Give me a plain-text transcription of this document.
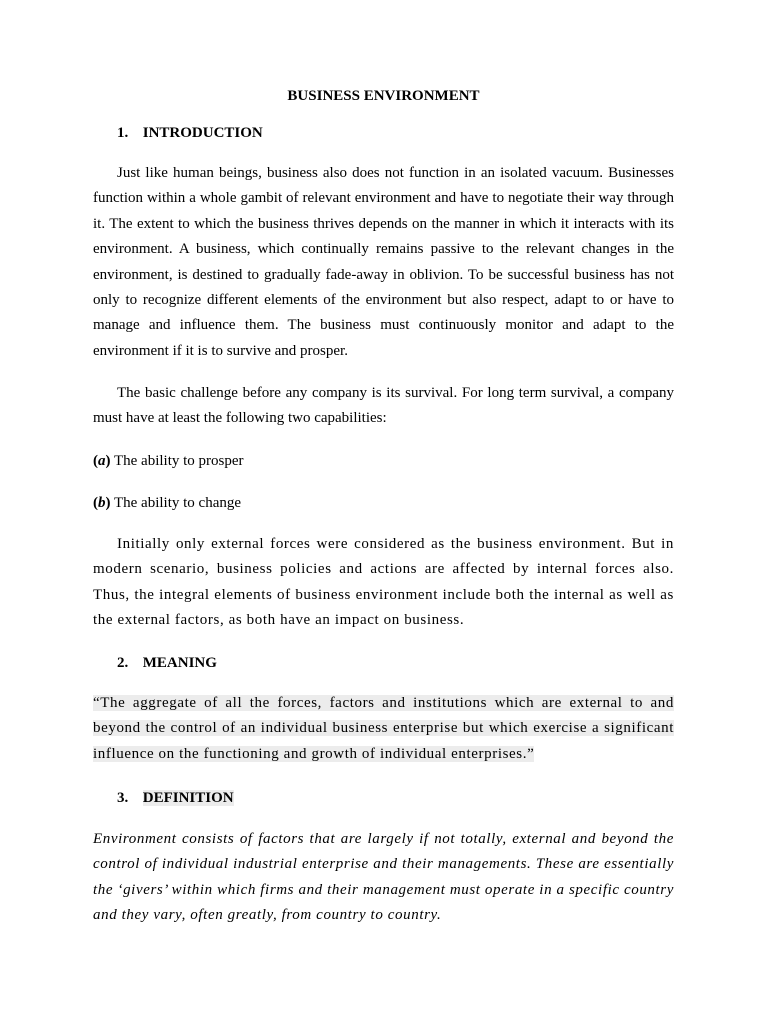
BUSINESS ENVIRONMENT
1. INTRODUCTION

Just like human beings, business also does not function in an isolated vacuum. Businesses function within a whole gambit of relevant environment and have to negotiate their way through it. The extent to which the business thrives depends on the manner in which it interacts with its environment. A business, which continually remains passive to the relevant changes in the environment, is destined to gradually fade-away in oblivion. To be successful business has not only to recognize different elements of the environment but also respect, adapt to or have to manage and influence them. The business must continuously monitor and adapt to the environment if it is to survive and prosper.

The basic challenge before any company is its survival. For long term survival, a company must have at least the following two capabilities:

(a) The ability to prosper

(b) The ability to change

Initially only external forces were considered as the business environment. But in modern scenario, business policies and actions are affected by internal forces also. Thus, the integral elements of business environment include both the internal as well as the external factors, as both have an impact on business.

2. MEANING

“The aggregate of all the forces, factors and institutions which are external to and beyond the control of an individual business enterprise but which exercise a significant influence on the functioning and growth of individual enterprises.”

3. DEFINITION

Environment consists of factors that are largely if not totally, external and beyond the control of individual industrial enterprise and their managements. These are essentially the ‘givers’ within which firms and their management must operate in a specific country and they vary, often greatly, from country to country.
